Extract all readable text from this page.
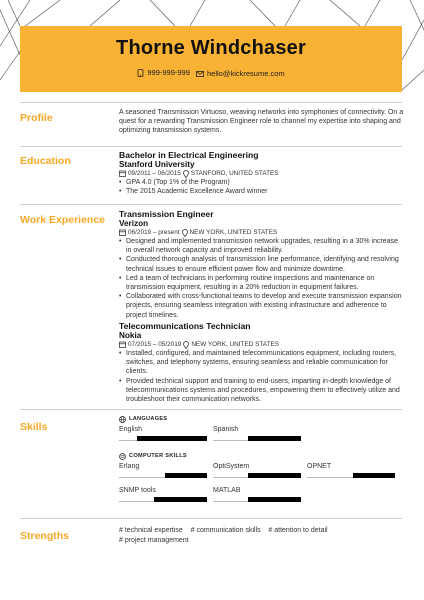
Thorne Windchaser
999-999-999
hello@kickresume.com
Profile	A seasoned Transmission Virtuoso, weaving networks into symphonies of connectivity. On a quest for a rewarding Transmission Engineer role to channel my expertise into shaping and optimizing transmission systems.
Education	Bachelor in Electrical Engineering
Stanford University
09/2011 – 06/2015 STANFORD, UNITED STATES
• GPA 4.0 (Top 1% of the Program)
• The 2015 Academic Excellence Award winner
Work Experience Transmission Engineer
Verizon
06/2019 – present NEW YORK, UNITED STATES
• Designed and implemented transmission network upgrades, resulting in a 30% increase in overall network capacity and improved reliability.
• Conducted thorough analysis of transmission line performance, identifying and resolving technical issues to ensure efficient power flow and minimize downtime.
• Led a team of technicians in performing routine inspections and maintenance on transmission equipment, resulting in a 20% reduction in equipment failures.
• Collaborated with cross-functional teams to develop and execute transmission expansion projects, ensuring seamless integration with existing infrastructure and adherence to project timelines.
Telecommunications Technician
Nokia
07/2015 – 05/2019 NEW YORK, UNITED STATES
• Installed, configured, and maintained telecommunications equipment, including routers, switches, and telephony systems, ensuring seamless and reliable communication for clients.
• Provided technical support and training to end-users, imparting in-depth knowledge of telecommunications systems and procedures, empowering them to effectively utilize and troubleshoot their communication networks.
Skills
LANGUAGES
English	Spanish
COMPUTER SKILLS
Erlang	OptiSystem	OPNET
SNMP tools	MATLAB
Strengths	# technical expertise # communication skills # attention to detail
# project management
